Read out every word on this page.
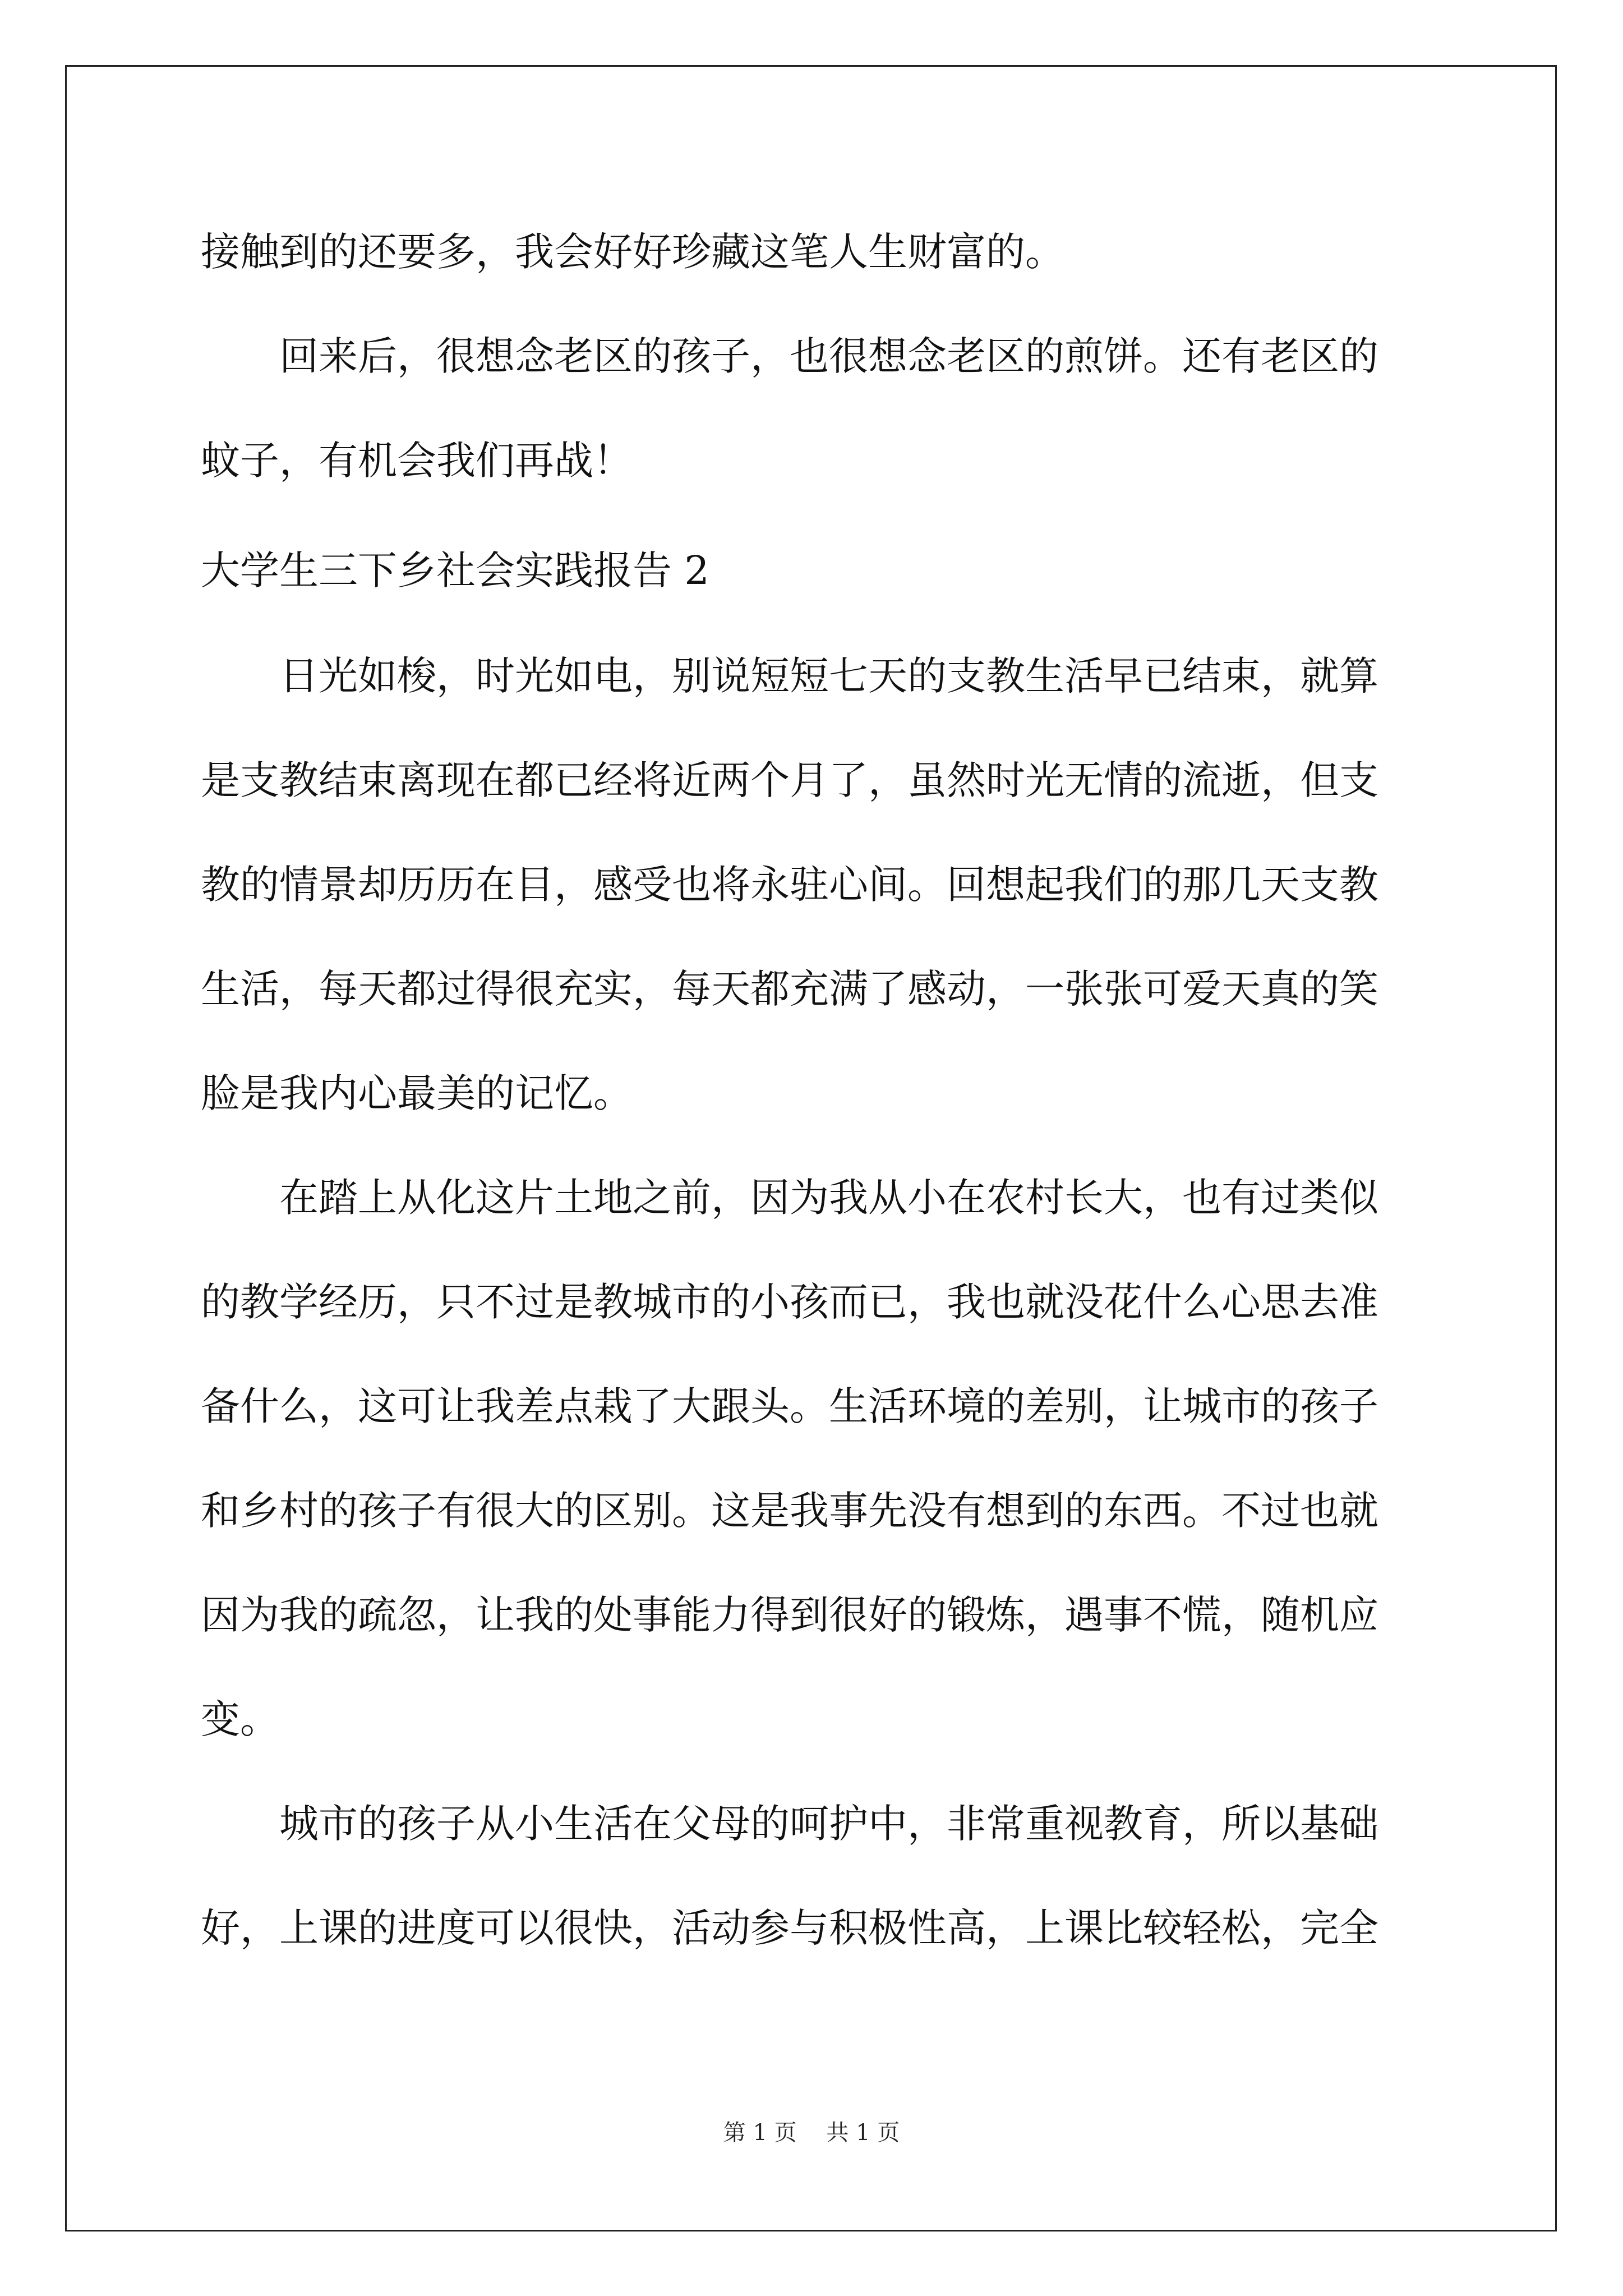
接触到的还要多，我会好好珍藏这笔人生财富的。
　　回来后，很想念老区的孩子，也很想念老区的煎饼。还有老区的
蚊子，有机会我们再战！
大学生三下乡社会实践报告 2
　　日光如梭，时光如电，别说短短七天的支教生活早已结束，就算
是支教结束离现在都已经将近两个月了，虽然时光无情的流逝，但支
教的情景却历历在目，感受也将永驻心间。回想起我们的那几天支教
生活，每天都过得很充实，每天都充满了感动，一张张可爱天真的笑
脸是我内心最美的记忆。
　　在踏上从化这片土地之前，因为我从小在农村长大，也有过类似
的教学经历，只不过是教城市的小孩而已，我也就没花什么心思去准
备什么，这可让我差点栽了大跟头。生活环境的差别，让城市的孩子
和乡村的孩子有很大的区别。这是我事先没有想到的东西。不过也就
因为我的疏忽，让我的处事能力得到很好的锻炼，遇事不慌，随机应
变。
　　城市的孩子从小生活在父母的呵护中，非常重视教育，所以基础
好，上课的进度可以很快，活动参与积极性高，上课比较轻松，完全
第 1 页 共 1 页
